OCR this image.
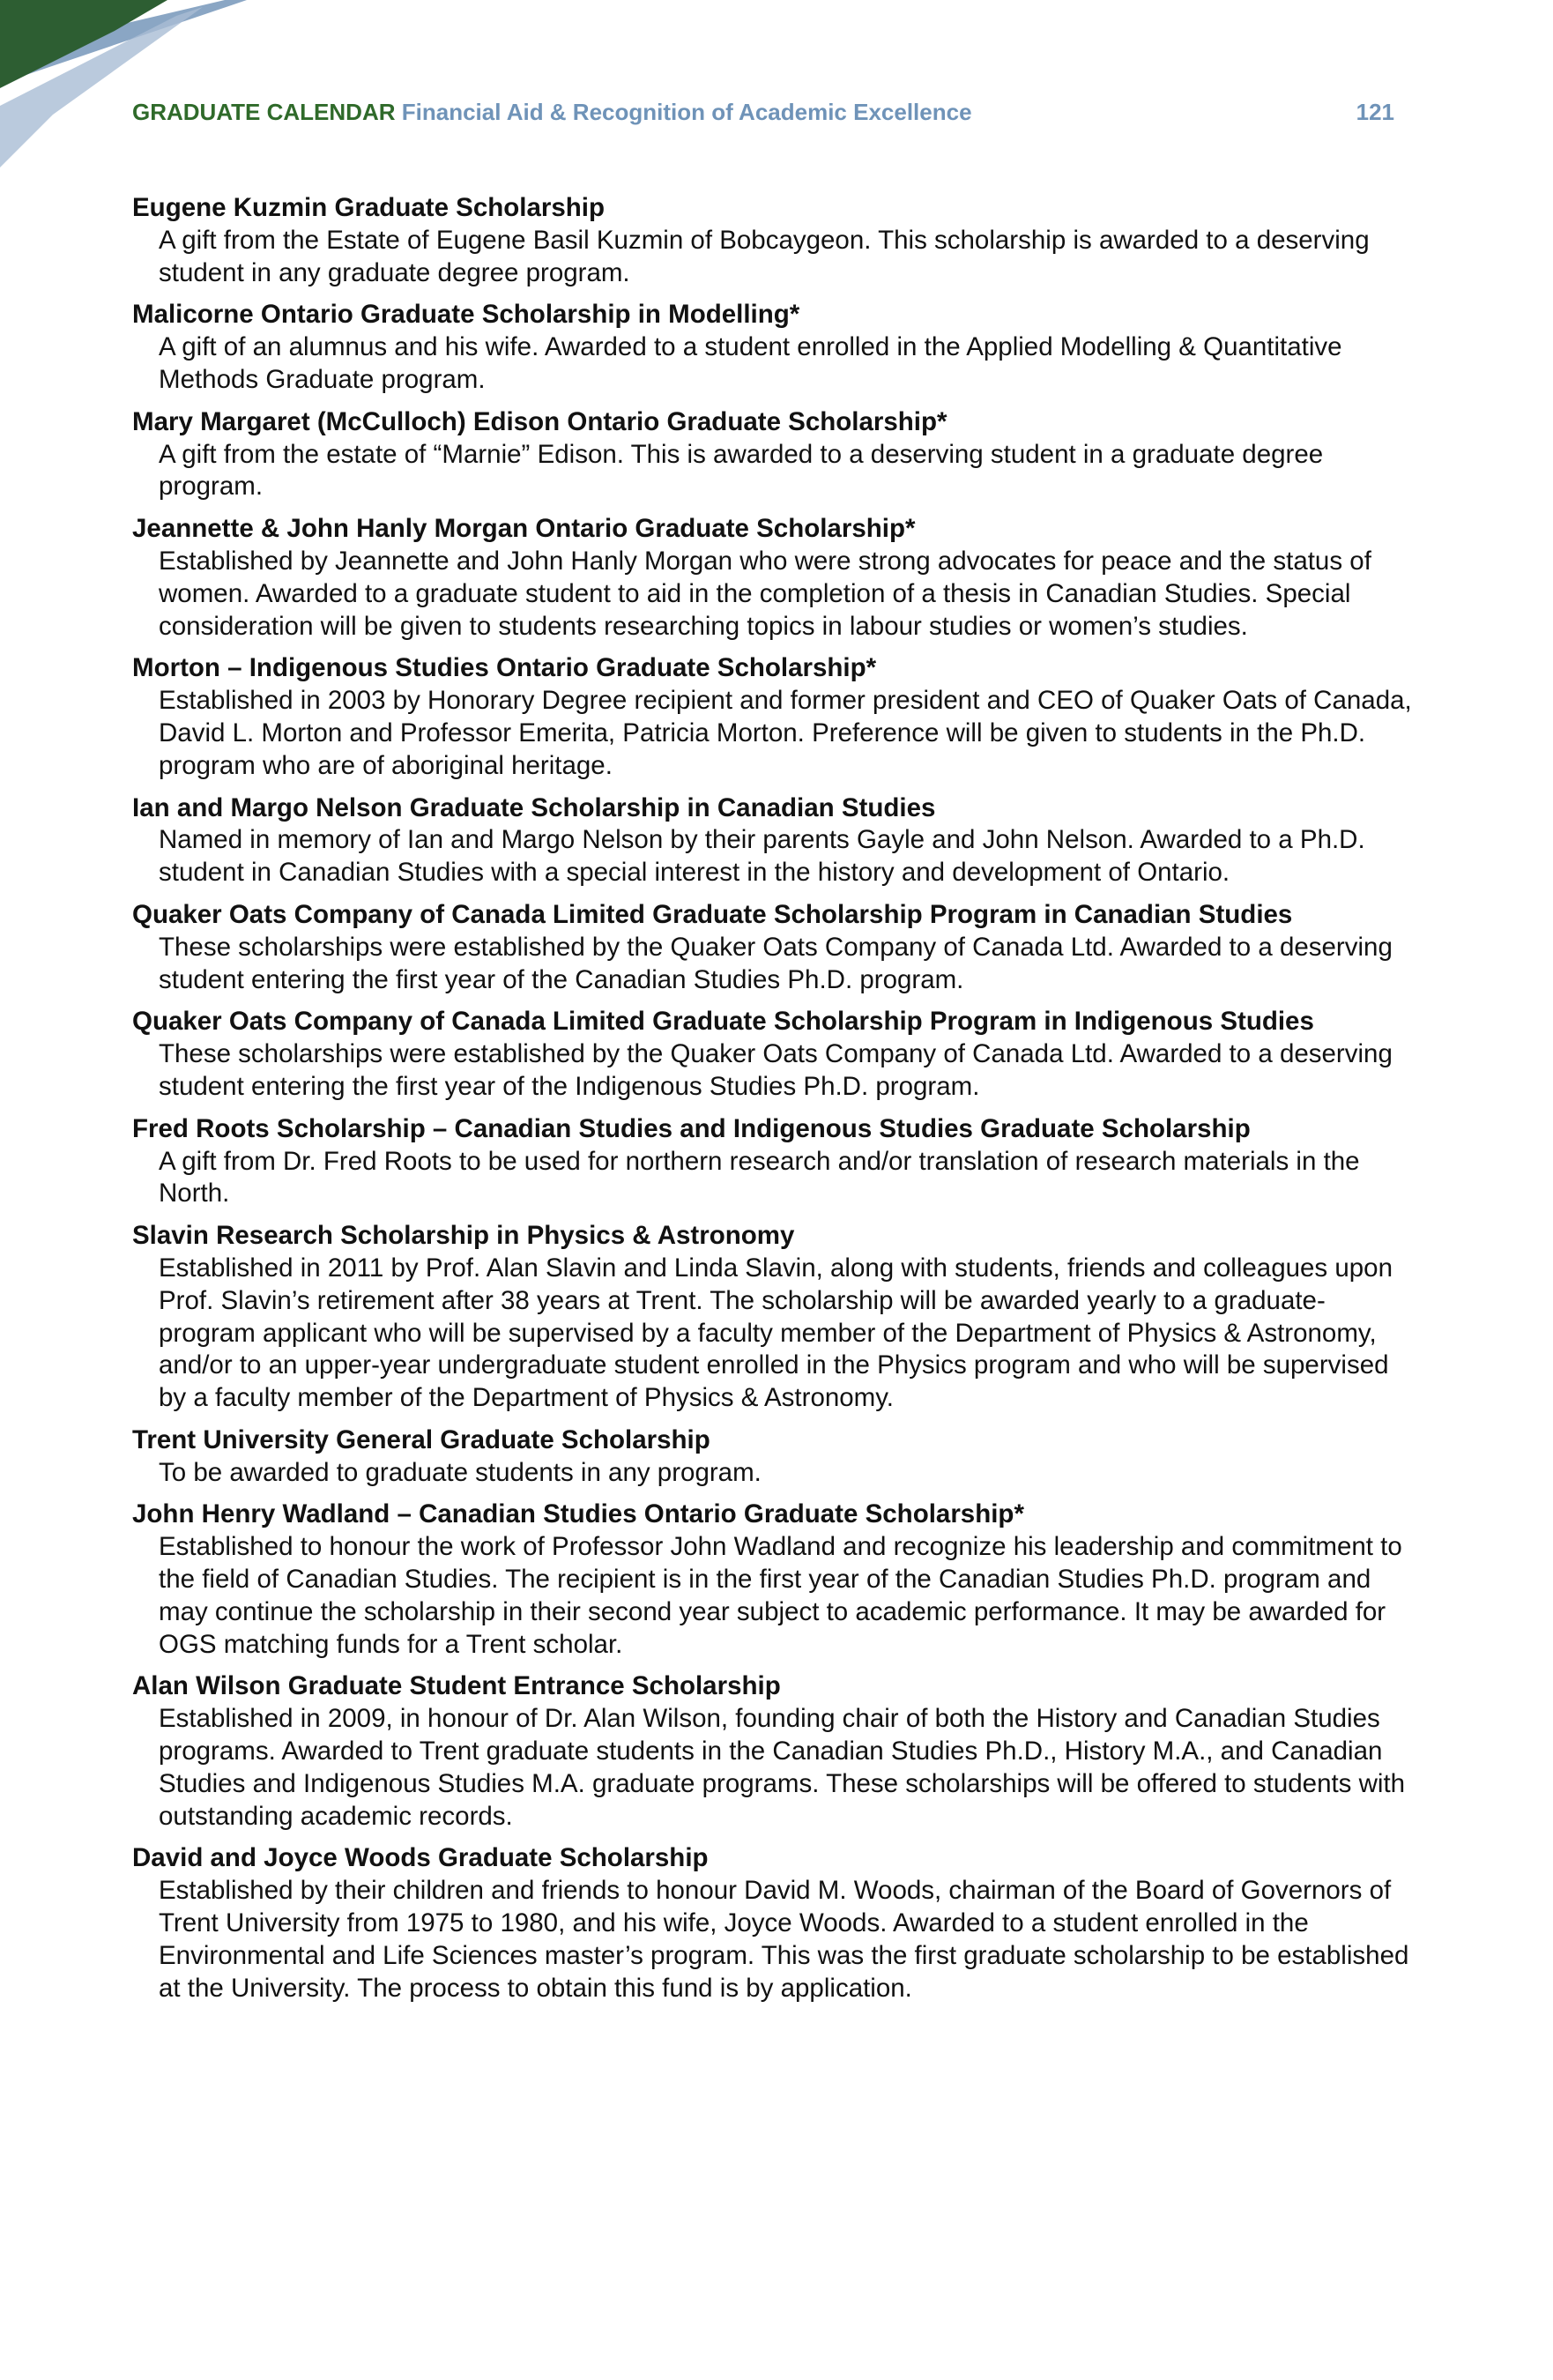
GRADUATE CALENDAR Financial Aid & Recognition of Academic Excellence	121
Eugene Kuzmin Graduate Scholarship
A gift from the Estate of Eugene Basil Kuzmin of Bobcaygeon. This scholarship is awarded to a deserving student in any graduate degree program.
Malicorne Ontario Graduate Scholarship in Modelling*
A gift of an alumnus and his wife. Awarded to a student enrolled in the Applied Modelling & Quantitative Methods Graduate program.
Mary Margaret (McCulloch) Edison Ontario Graduate Scholarship*
A gift from the estate of “Marnie” Edison. This is awarded to a deserving student in a graduate degree program.
Jeannette & John Hanly Morgan Ontario Graduate Scholarship*
Established by Jeannette and John Hanly Morgan who were strong advocates for peace and the status of women. Awarded to a graduate student to aid in the completion of a thesis in Canadian Studies. Special consideration will be given to students researching topics in labour studies or women’s studies.
Morton – Indigenous Studies Ontario Graduate Scholarship*
Established in 2003 by Honorary Degree recipient and former president and CEO of Quaker Oats of Canada, David L. Morton and Professor Emerita, Patricia Morton. Preference will be given to students in the Ph.D. program who are of aboriginal heritage.
Ian and Margo Nelson Graduate Scholarship in Canadian Studies
Named in memory of Ian and Margo Nelson by their parents Gayle and John Nelson. Awarded to a Ph.D. student in Canadian Studies with a special interest in the history and development of Ontario.
Quaker Oats Company of Canada Limited Graduate Scholarship Program in Canadian Studies
These scholarships were established by the Quaker Oats Company of Canada Ltd. Awarded to a deserving student entering the first year of the Canadian Studies Ph.D. program.
Quaker Oats Company of Canada Limited Graduate Scholarship Program in Indigenous Studies
These scholarships were established by the Quaker Oats Company of Canada Ltd. Awarded to a deserving student entering the first year of the Indigenous Studies Ph.D. program.
Fred Roots Scholarship – Canadian Studies and Indigenous Studies Graduate Scholarship
A gift from Dr. Fred Roots to be used for northern research and/or translation of research materials in the North.
Slavin Research Scholarship in Physics & Astronomy
Established in 2011 by Prof. Alan Slavin and Linda Slavin, along with students, friends and colleagues upon Prof. Slavin’s retirement after 38 years at Trent. The scholarship will be awarded yearly to a graduate- program applicant who will be supervised by a faculty member of the Department of Physics & Astronomy, and/or to an upper-year undergraduate student enrolled in the Physics program and who will be supervised by a faculty member of the Department of Physics & Astronomy.
Trent University General Graduate Scholarship
To be awarded to graduate students in any program.
John Henry Wadland – Canadian Studies Ontario Graduate Scholarship*
Established to honour the work of Professor John Wadland and recognize his leadership and commitment to the field of Canadian Studies. The recipient is in the first year of the Canadian Studies Ph.D. program and may continue the scholarship in their second year subject to academic performance. It may be awarded for OGS matching funds for a Trent scholar.
Alan Wilson Graduate Student Entrance Scholarship
Established in 2009, in honour of Dr. Alan Wilson, founding chair of both the History and Canadian Studies programs. Awarded to Trent graduate students in the Canadian Studies Ph.D., History M.A., and Canadian Studies and Indigenous Studies M.A. graduate programs. These scholarships will be offered to students with outstanding academic records.
David and Joyce Woods Graduate Scholarship
Established by their children and friends to honour David M. Woods, chairman of the Board of Governors of Trent University from 1975 to 1980, and his wife, Joyce Woods. Awarded to a student enrolled in the Environmental and Life Sciences master’s program. This was the first graduate scholarship to be established at the University. The process to obtain this fund is by application.
